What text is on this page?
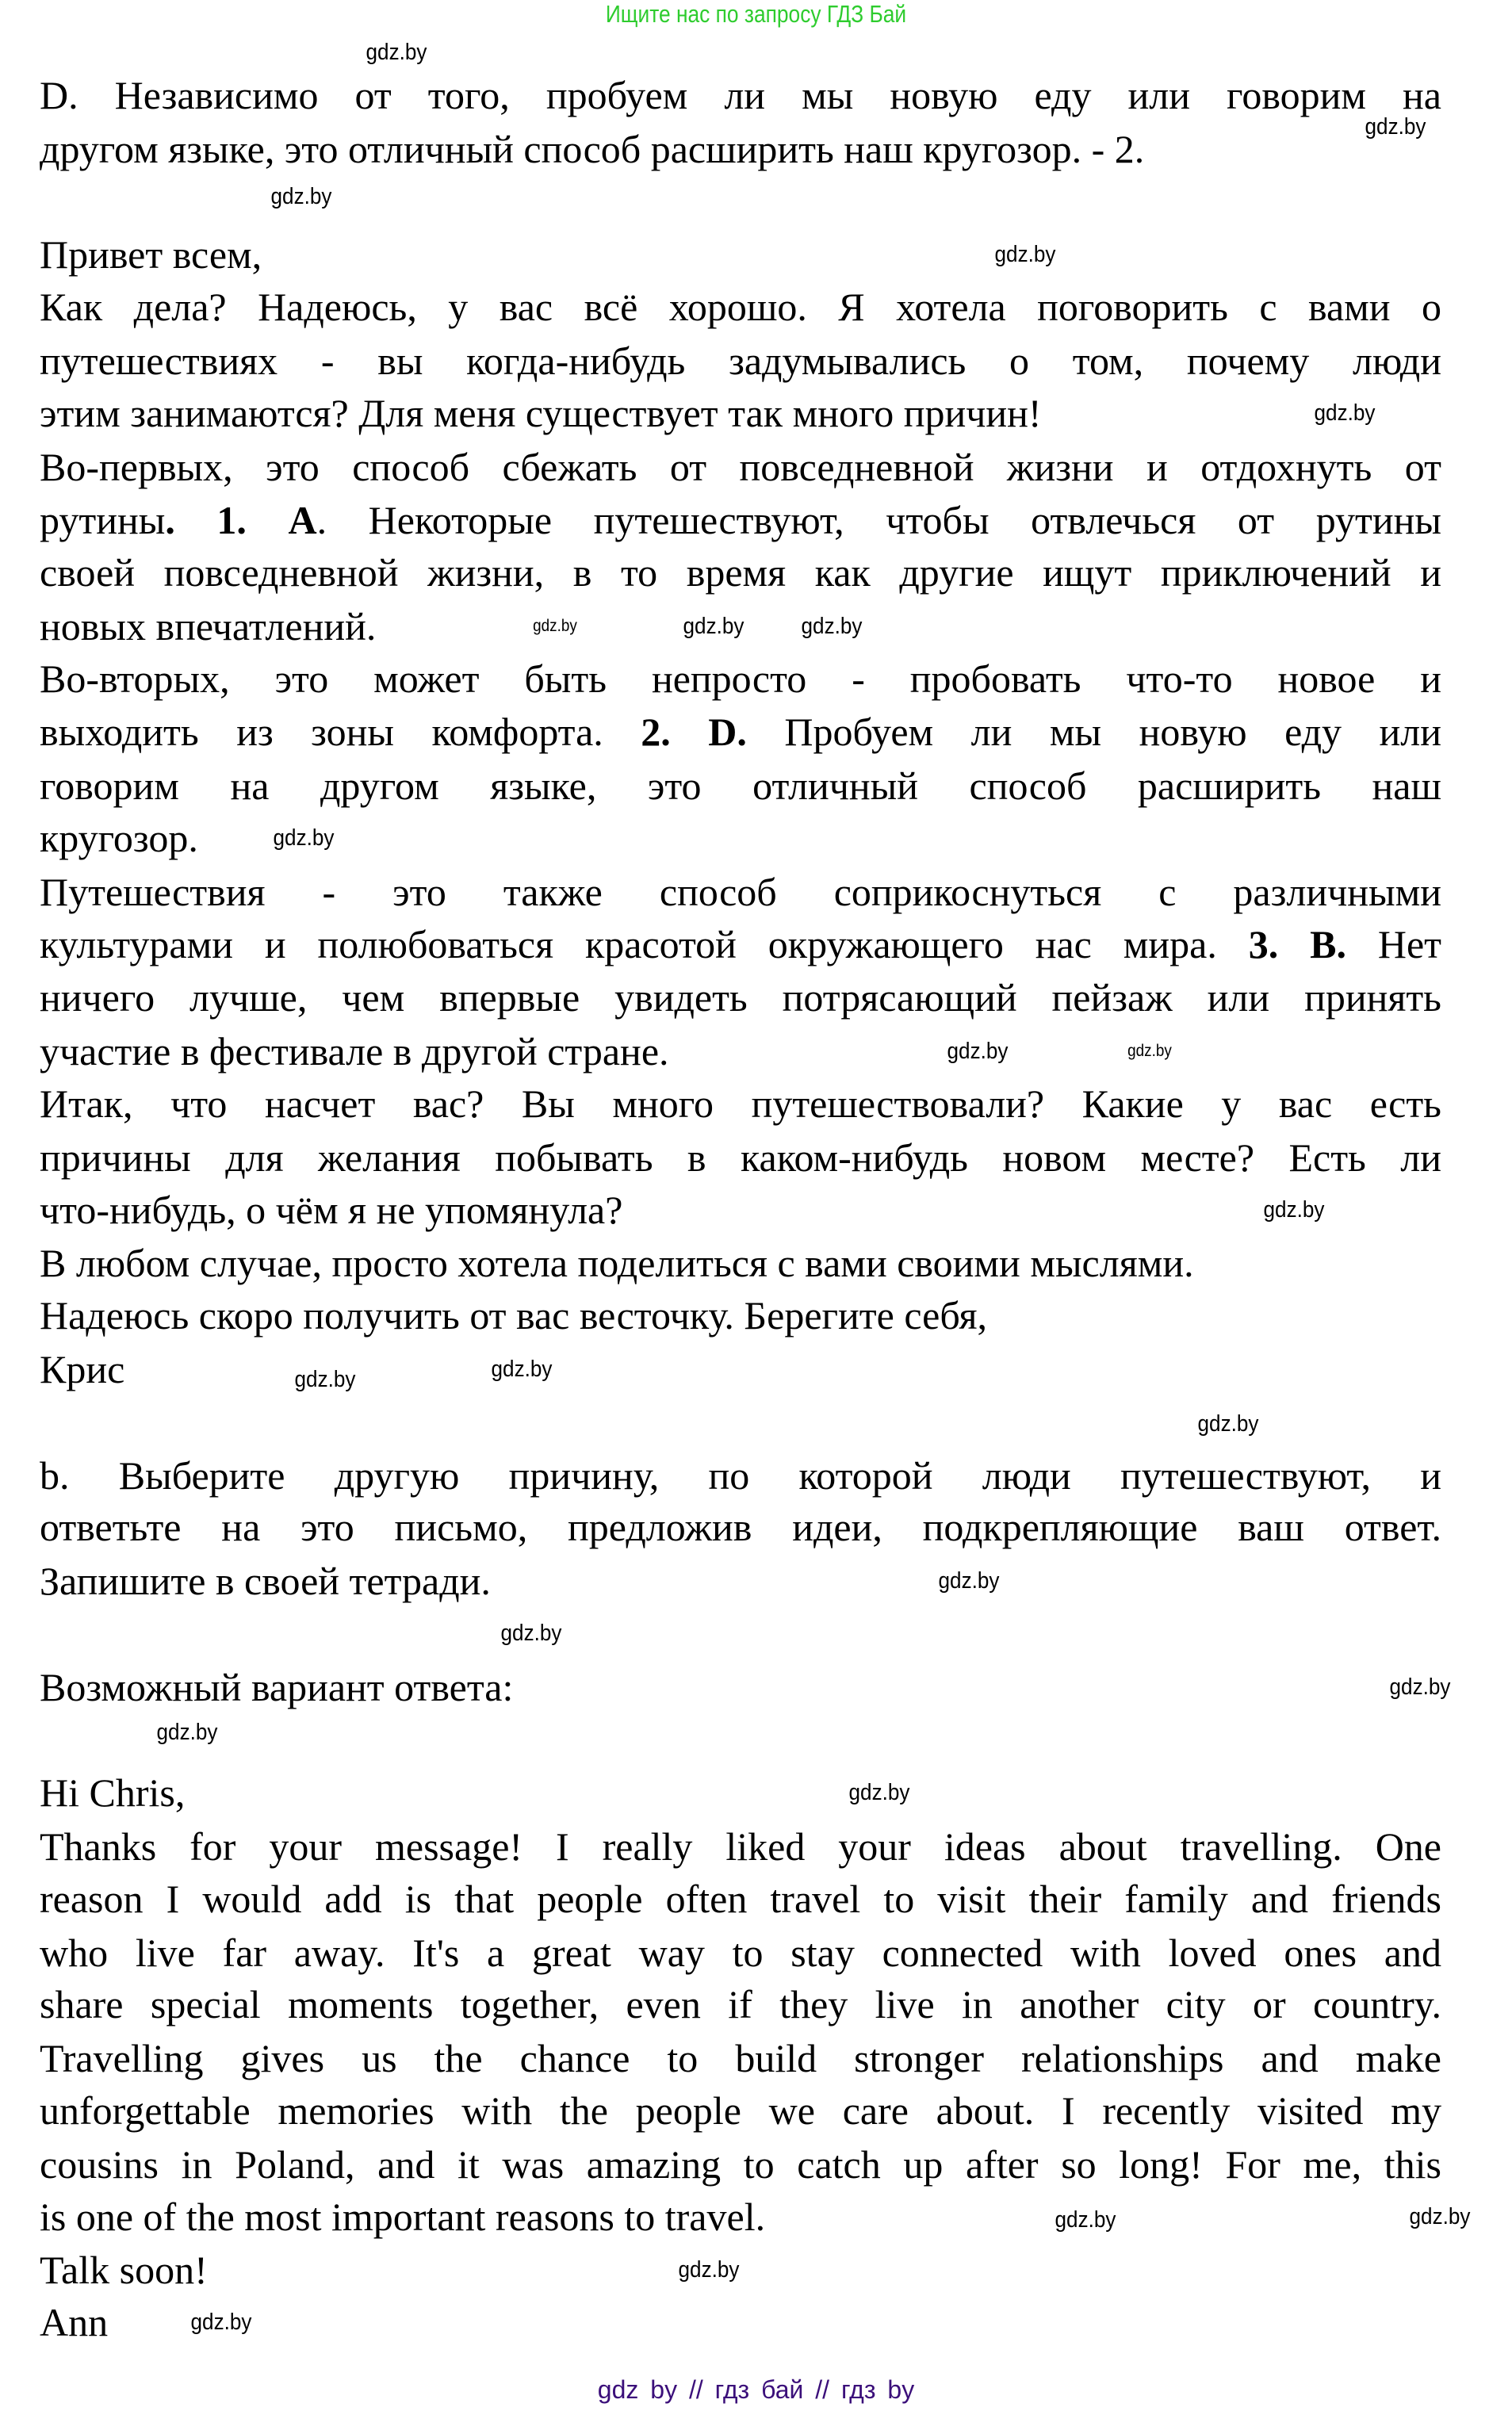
Ищите нас по запросу ГДЗ Бай
D. Независимо от того, пробуем ли мы новую еду или говорим на
другом языке, это отличный способ расширить наш кругозор. - 2.
Привет всем,
Как дела? Надеюсь, у вас всё хорошо. Я хотела поговорить с вами о
путешествиях - вы когда-нибудь задумывались о том, почему люди
этим занимаются? Для меня существует так много причин!
Во-первых, это способ сбежать от повседневной жизни и отдохнуть от
рутины. 1. A. Некоторые путешествуют, чтобы отвлечься от рутины
своей повседневной жизни, в то время как другие ищут приключений и
новых впечатлений.
Во-вторых, это может быть непросто - пробовать что-то новое и
выходить из зоны комфорта. 2. D. Пробуем ли мы новую еду или
говорим на другом языке, это отличный способ расширить наш
кругозор.
Путешествия - это также способ соприкоснуться с различными
культурами и полюбоваться красотой окружающего нас мира. 3. B. Нет
ничего лучше, чем впервые увидеть потрясающий пейзаж или принять
участие в фестивале в другой стране.
Итак, что насчет вас? Вы много путешествовали? Какие у вас есть
причины для желания побывать в каком-нибудь новом месте? Есть ли
что-нибудь, о чём я не упомянула?
В любом случае, просто хотела поделиться с вами своими мыслями.
Надеюсь скоро получить от вас весточку. Берегите себя,
Крис
b. Выберите другую причину, по которой люди путешествуют, и
ответьте на это письмо, предложив идеи, подкрепляющие ваш ответ.
Запишите в своей тетради.
Возможный вариант ответа:
Hi Chris,
Thanks for your message! I really liked your ideas about travelling. One
reason I would add is that people often travel to visit their family and friends
who live far away. It's a great way to stay connected with loved ones and
share special moments together, even if they live in another city or country.
Travelling gives us the chance to build stronger relationships and make
unforgettable memories with the people we care about. I recently visited my
cousins in Poland, and it was amazing to catch up after so long! For me, this
is one of the most important reasons to travel.
Talk soon!
Ann
gdz.by
gdz.by
gdz.by
gdz.by
gdz.by
gdz.by	gdz.by
gdz.by
gdz.by
gdz.by	gdz.by
gdz.by
gdz.by
gdz.by
gdz.by
gdz.by
gdz.by
gdz.by
gdz.by
gdz.by
gdz.by
gdz.by
gdz.by
gdz.by
gdz by // гдз бай // гдз by
